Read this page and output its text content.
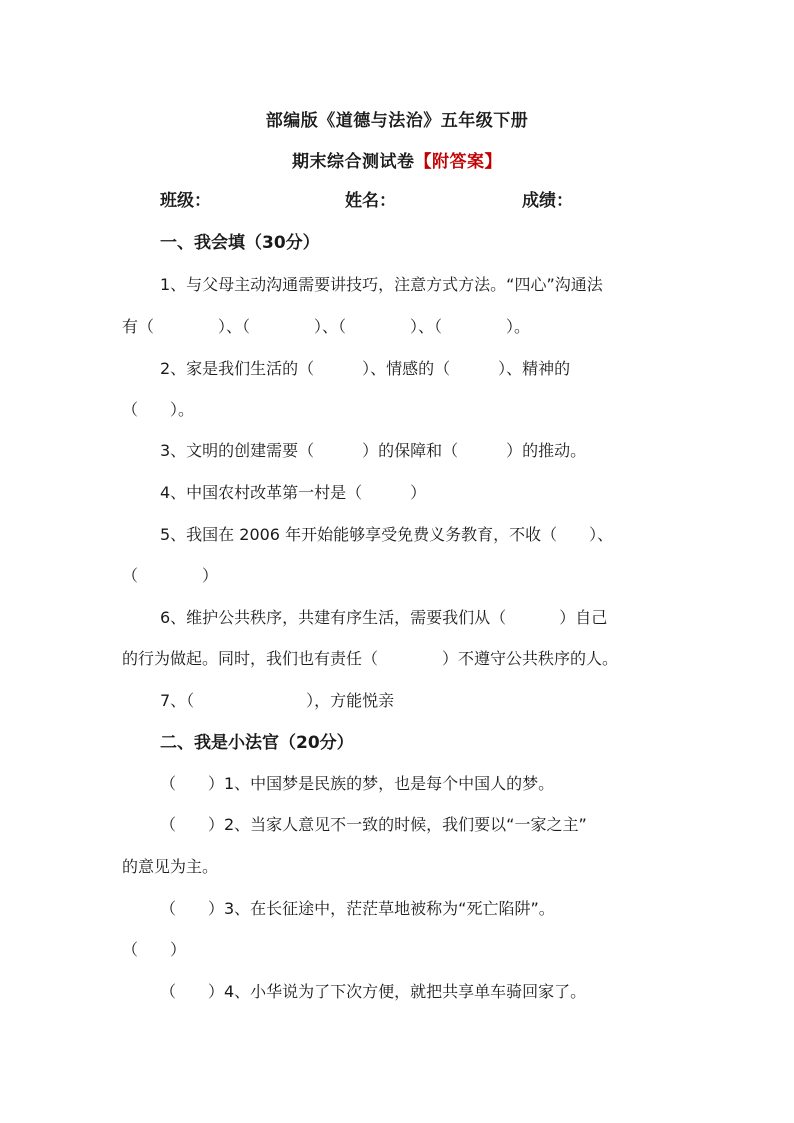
部编版《道德与法治》五年级下册
期末综合测试卷【附答案】
班级：	姓名：	成绩：
一、我会填（30分）
1、与父母主动沟通需要讲技巧，注意方式方法。“四心”沟通法
有（　　　　）、（　　　　）、（　　　　）、（　　　　）。
2、家是我们生活的（　　　）、情感的（　　　）、精神的
（　　）。
3、文明的创建需要（　　　）的保障和（　　　）的推动。
4、中国农村改革第一村是（　　　）
5、我国在 2006 年开始能够享受免费义务教育，不收（　　）、
（　　　　）
6、维护公共秩序，共建有序生活，需要我们从（　　　 ）自己
的行为做起。同时，我们也有责任（　　　　）不遵守公共秩序的人。
7、（　　　　　　　），方能悦亲
二、我是小法官（20分）
（　　）1、中国梦是民族的梦，也是每个中国人的梦。
（　　）2、当家人意见不一致的时候，我们要以“一家之主”
的意见为主。
（　　）3、在长征途中，茫茫草地被称为“死亡陷阱”。
（　　）
（　　）4、小华说为了下次方便，就把共享单车骑回家了。
